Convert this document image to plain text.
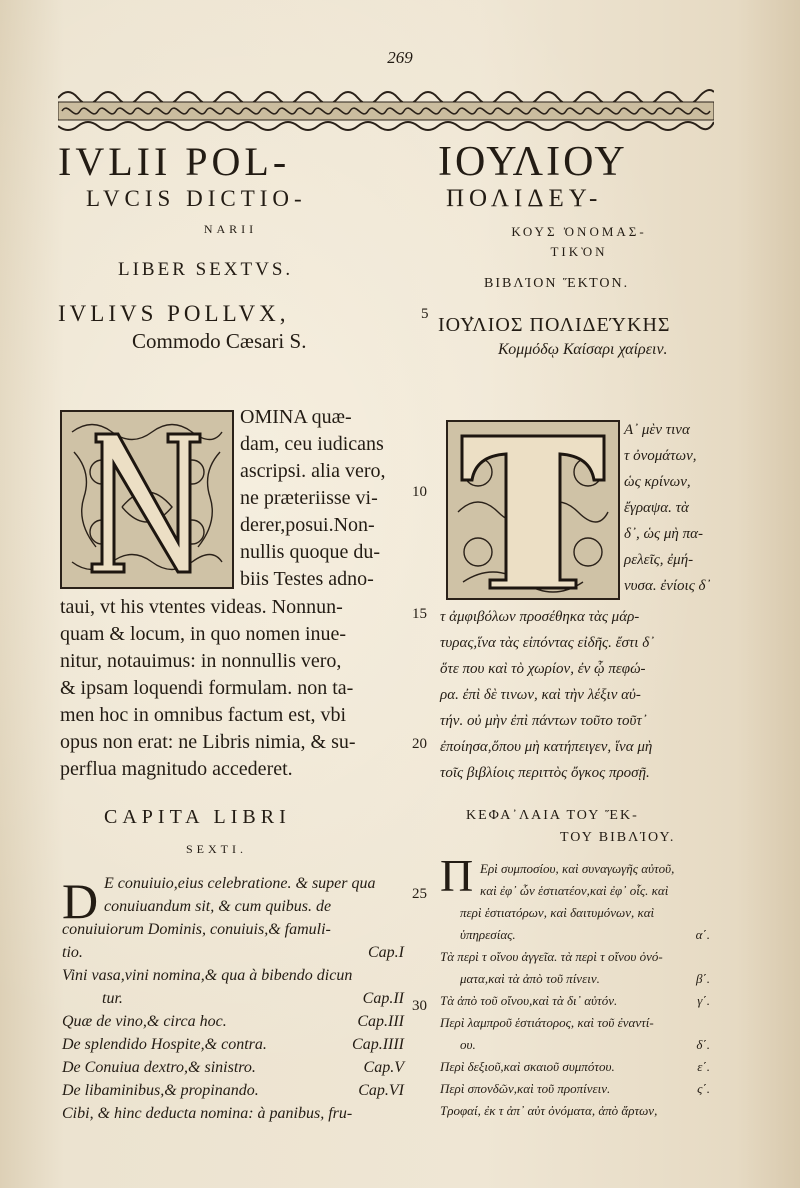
269
IVLII POL-
LVCIS DICTIO-
NARII
LIBER SEXTVS.
IVLIVS POLLVX,
Commodo Cæsari S.
ΙΟΥΛΙΟΥ
ΠΟΛΙΔΕΥ-
ΚΟΥΣ ὈΝΟΜΑΣ-
ΤΙΚῸΝ
ΒΙΒΛΊΟΝ ἝΚΤΟΝ.
ΙΟΥ̓ΛΙΟΣ ΠΟΛΙΔΕΎΚΗΣ
Κομμόδῳ Καίσαρι χαίρειν.
OMINA quæ-
dam, ceu iudicans
ascripsi. alia vero,
ne præteriisse vi-
derer,posui.Non-
nullis quoque du-
biis Testes adno-
taui, vt his vtentes videas. Nonnun-
quam & locum, in quo nomen inue-
nitur, notauimus: in nonnullis vero,
& ipsam loquendi formulam. non ta-
men hoc in omnibus factum est, vbi
opus non erat: ne Libris nimia, & su-
perflua magnitudo accederet.
Α᾽ μὲν τινα
τ ὀνομάτων,
ὡς κρίνων,
ἔγραψα. τὰ
δ᾽, ὡς μὴ πα-
ρελεῖς, ἐμή-
νυσα. ἐνίοις δ᾽
τ ἀμφιβόλων προσέθηκα τὰς μάρ-
τυρας,ἵνα τὰς εἰπόντας εἰδῆς. ἔστι δ᾽
ὅτε που καὶ τὸ χωρίον, ἐν ᾧ πεφώ-
ρα. ἐπὶ δὲ τινων, καὶ τὴν λέξιν αὐ-
τήν. οὐ μὴν ἐπὶ πάντων τοῦτο τοῦτ᾽
ἐποίησα,ὅπου μὴ κατήπειγεν, ἵνα μὴ
τοῖς βιβλίοις περιττὸς ὄγκος προσῇ.
5
10
15
20
25
30
CAPITA LIBRI
SEXTI.
ΚΕΦΑ᾽ΛΑΙΑ ΤΟΥ ἝΚ-
ΤΟΥ ΒΙΒΛΊΟΥ.
D E conuiuio,eius celebratione. & super qua
conuiuandum sit, & cum quibus. de
conuiuiorum Dominis, conuiuis,& famuli-
tio.	Cap.I
Vini vasa,vini nomina,& qua à bibendo dicun
tur.	Cap.II
Quæ de vino,& circa hoc.	Cap.III
De splendido Hospite,& contra.	Cap.IIII
De Conuiua dextro,& sinistro.	Cap.V
De libaminibus,& propinando.	Cap.VI
Cibi, & hinc deducta nomina: à panibus, fru-
Π Ερὶ συμποσίου, καὶ συναγωγῆς αὐτοῦ,
καὶ ἐφ᾽ ὧν ἑστιατέον,καὶ ἐφ᾽ οἷς. καὶ
περὶ ἑστιατόρων, καὶ δαιτυμόνων, καὶ
ὑπηρεσίας.	α΄.
Τὰ περὶ τ οἴνου ἀγγεῖα. τὰ περὶ τ οἴνου ὀνό-
ματα,καὶ τὰ ἀπὸ τοῦ πίνειν.	β΄.
Τὰ ἀπὸ τοῦ οἴνου,καὶ τὰ δι᾽ αὐτόν.	γ΄.
Περὶ λαμπροῦ ἑστιάτορος, καὶ τοῦ ἐναντί-
ου.	δ΄.
Περὶ δεξιοῦ,καὶ σκαιοῦ συμπότου.	ε΄.
Περὶ σπονδῶν,καὶ τοῦ προπίνειν.	ς΄.
Τροφαί, ἐκ τ ἀπ᾽ αὐτ ὀνόματα, ἀπὸ ἄρτων,
